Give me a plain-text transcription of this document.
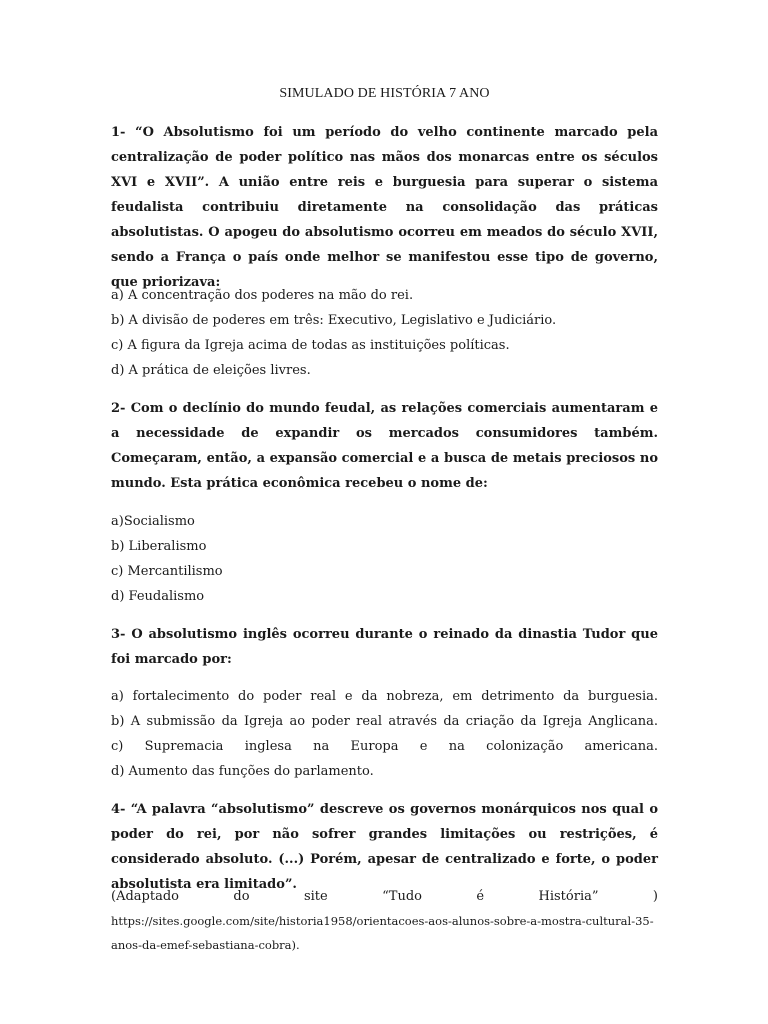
SIMULADO DE HISTÓRIA 7 ANO
1- “O Absolutismo foi um período do velho continente marcado pela centralização de poder político nas mãos dos monarcas entre os séculos XVI e XVII”. A união entre reis e burguesia para superar o sistema feudalista contribuiu diretamente na consolidação das práticas absolutistas. O apogeu do absolutismo ocorreu em meados do século XVII, sendo a França o país onde melhor se manifestou esse tipo de governo, que priorizava:
a) A concentração dos poderes na mão do rei.
b) A divisão de poderes em três: Executivo, Legislativo e Judiciário.
c) A figura da Igreja acima de todas as instituições políticas.
d) A prática de eleições livres.
2- Com o declínio do mundo feudal, as relações comerciais aumentaram e a necessidade de expandir os mercados consumidores também. Começaram, então, a expansão comercial e a busca de metais preciosos no mundo. Esta prática econômica recebeu o nome de:
a)Socialismo
b) Liberalismo
c) Mercantilismo
d) Feudalismo
3- O absolutismo inglês ocorreu durante o reinado da dinastia Tudor que foi marcado por:
a) fortalecimento do poder real e da nobreza, em detrimento da burguesia.
b) A submissão da Igreja ao poder real através da criação da Igreja Anglicana.
c) Supremacia inglesa na Europa e na colonização americana.
d) Aumento das funções do parlamento.
4- “A palavra “absolutismo” descreve os governos monárquicos nos qual o poder do rei, por não sofrer grandes limitações ou restrições, é considerado absoluto. (...) Porém, apesar de centralizado e forte, o poder absolutista era limitado”.
(Adaptado do site “Tudo é História” ) https://sites.google.com/site/historia1958/orientacoes-aos-alunos-sobre-a-mostra-cultural-35-anos-da-emef-sebastiana-cobra).
